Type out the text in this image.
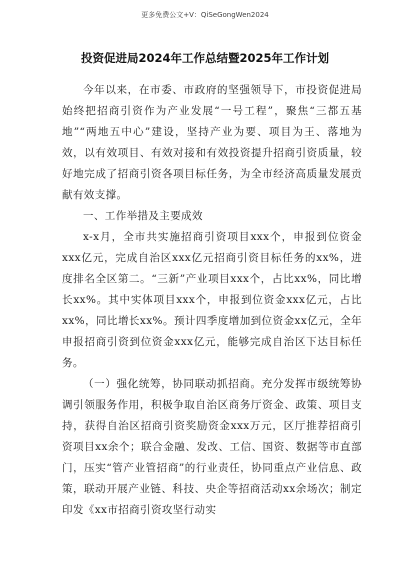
更多免费公文+V：QiSeGongWen2024
投资促进局2024年工作总结暨2025年工作计划

今年以来，在市委、市政府的坚强领导下，市投资促进局始终把招商引资作为产业发展“一号工程”，聚焦“三都五基地”“两地五中心”建设，坚持产业为要、项目为王、落地为效，以有效项目、有效对接和有效投资提升招商引资质量，较好地完成了招商引资各项目标任务，为全市经济高质量发展贡献有效支撑。

一、工作举措及主要成效

x-x月，全市共实施招商引资项目xxx个，申报到位资金xxx亿元，完成自治区xxx亿元招商引资目标任务的xx%，进度排名全区第二。“三新”产业项目xxx个，占比xx%，同比增长xx%。其中实体项目xxx个，申报到位资金xxx亿元，占比xx%，同比增长xx%。预计四季度增加到位资金xx亿元，全年申报招商引资到位资金xxx亿元，能够完成自治区下达目标任务。

（一）强化统筹，协同联动抓招商。充分发挥市级统筹协调引领服务作用，积极争取自治区商务厅资金、政策、项目支持，获得自治区招商引资奖励资金xxx万元，区厅推荐招商引资项目xx余个；联合金融、发改、工信、国资、数据等市直部门，压实“管产业管招商”的行业责任，协同重点产业信息、政策，联动开展产业链、科技、央企等招商活动xx余场次；制定印发《xx市招商引资攻坚行动实
